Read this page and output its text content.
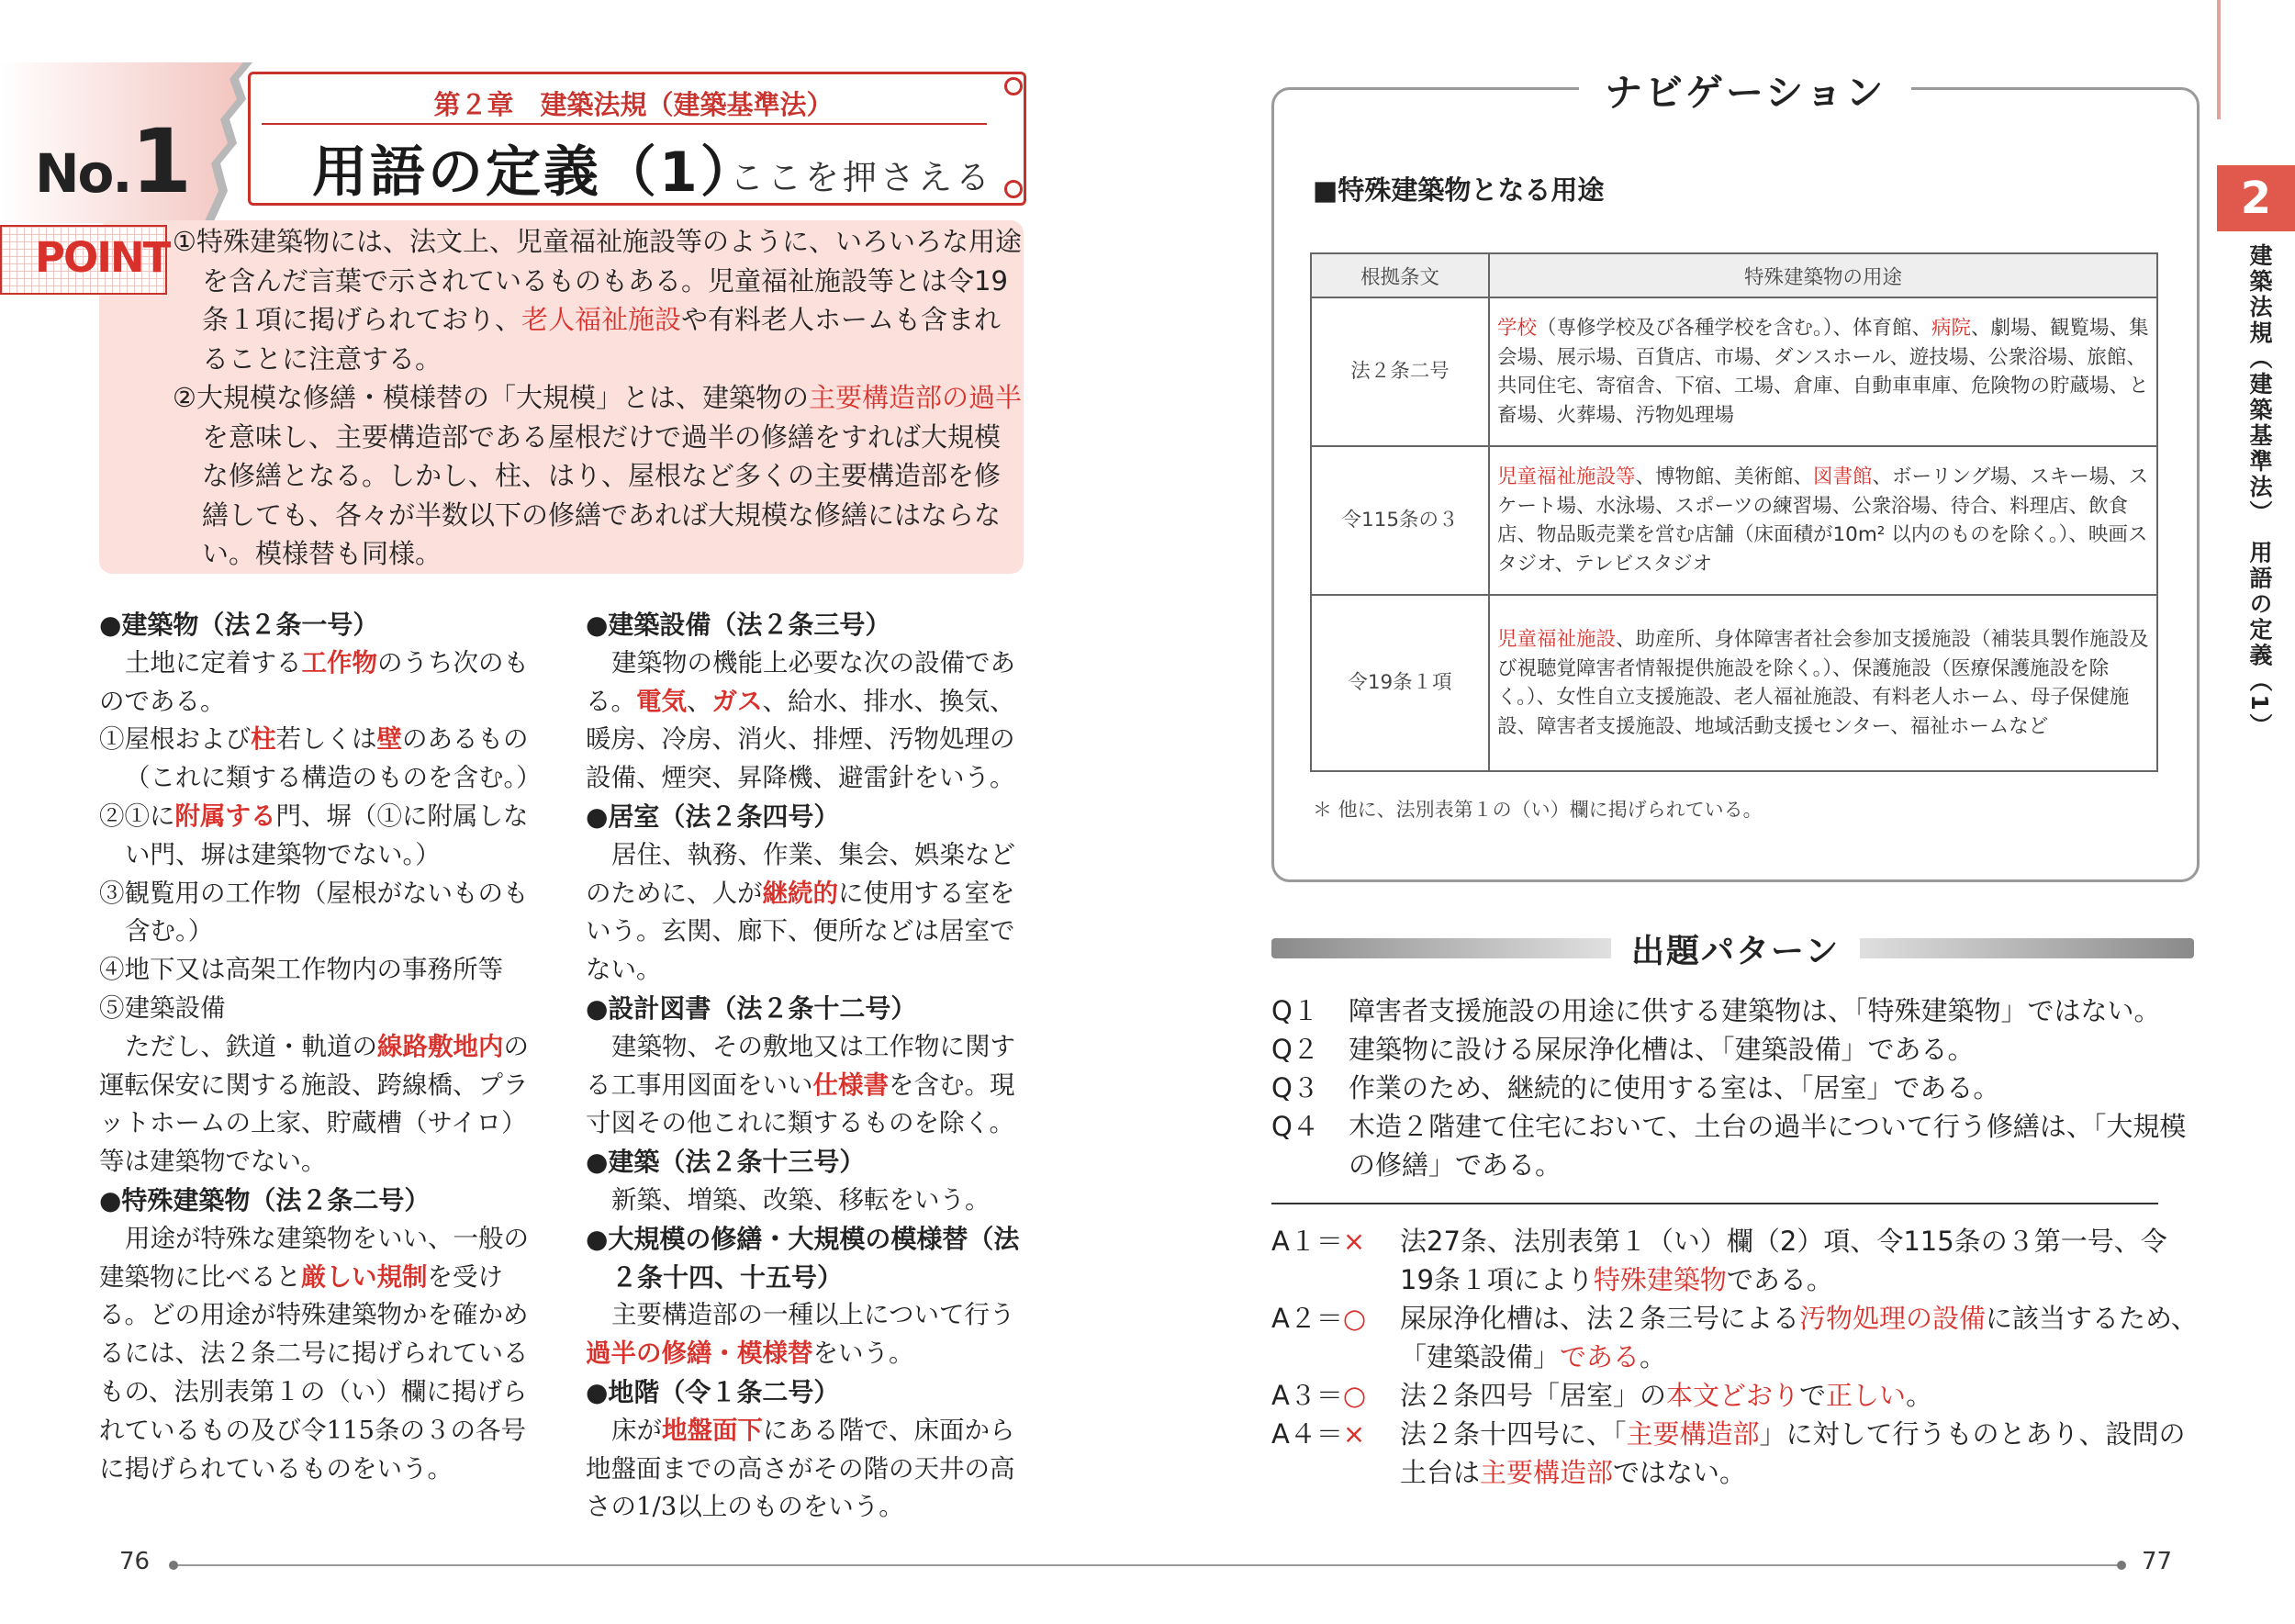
No.1
第２章　建築法規（建築基準法）
用語の定義（1）
ここを押さえる
POINT ①特殊建築物には、法文上、児童福祉施設等のように、いろいろな用途を含んだ言葉で示されているものもある。児童福祉施設等とは令19条１項に掲げられており、老人福祉施設や有料老人ホームも含まれることに注意する。

②大規模な修繕・模様替の「大規模」とは、建築物の主要構造部の過半を意味し、主要構造部である屋根だけで過半の修繕をすれば大規模な修繕となる。しかし、柱、はり、屋根など多くの主要構造部を修繕しても、各々が半数以下の修繕であれば大規模な修繕にはならない。模様替も同様。

●建築物（法２条一号）
土地に定着する工作物のうち次のものである。
①屋根および柱若しくは壁のあるもの（これに類する構造のものを含む。）
②①に附属する門、塀（①に附属しない門、塀は建築物でない。）
③観覧用の工作物（屋根がないものも含む。）
④地下又は高架工作物内の事務所等
⑤建築設備
ただし、鉄道・軌道の線路敷地内の運転保安に関する施設、跨線橋、プラットホームの上家、貯蔵槽（サイロ）等は建築物でない。
●特殊建築物（法２条二号）
用途が特殊な建築物をいい、一般の建築物に比べると厳しい規制を受ける。どの用途が特殊建築物かを確かめるには、法２条二号に掲げられているもの、法別表第１の（い）欄に掲げられているもの及び令115条の３の各号に掲げられているものをいう。
●建築設備（法２条三号）
建築物の機能上必要な次の設備である。電気、ガス、給水、排水、換気、暖房、冷房、消火、排煙、汚物処理の設備、煙突、昇降機、避雷針をいう。
●居室（法２条四号）
居住、執務、作業、集会、娯楽などのために、人が継続的に使用する室をいう。玄関、廊下、便所などは居室でない。
●設計図書（法２条十二号）
建築物、その敷地又は工作物に関する工事用図面をいい仕様書を含む。現寸図その他これに類するものを除く。
●建築（法２条十三号）
新築、増築、改築、移転をいう。
●大規模の修繕・大規模の模様替（法２条十四、十五号）
主要構造部の一種以上について行う過半の修繕・模様替をいう。
●地階（令１条二号）
床が地盤面下にある階で、床面から地盤面までの高さがその階の天井の高さの1/3以上のものをいう。
76	77
ナビゲーション
■特殊建築物となる用途
根拠条文	特殊建築物の用途
法２条二号	学校（専修学校及び各種学校を含む。）、体育館、病院、劇場、観覧場、集会場、展示場、百貨店、市場、ダンスホール、遊技場、公衆浴場、旅館、共同住宅、寄宿舎、下宿、工場、倉庫、自動車車庫、危険物の貯蔵場、と畜場、火葬場、汚物処理場
令115条の３	児童福祉施設等、博物館、美術館、図書館、ボーリング場、スキー場、スケート場、水泳場、スポーツの練習場、公衆浴場、待合、料理店、飲食店、物品販売業を営む店舗（床面積が10m² 以内のものを除く。）、映画スタジオ、テレビスタジオ
令19条１項	児童福祉施設、助産所、身体障害者社会参加支援施設（補装具製作施設及び視聴覚障害者情報提供施設を除く。）、保護施設（医療保護施設を除く。）、女性自立支援施設、老人福祉施設、有料老人ホーム、母子保健施設、障害者支援施設、地域活動支援センター、福祉ホームなど
＊ 他に、法別表第１の（い）欄に掲げられている。
出題パターン
Q１	障害者支援施設の用途に供する建築物は、「特殊建築物」ではない。
Q２	建築物に設ける屎尿浄化槽は、「建築設備」である。
Q３	作業のため、継続的に使用する室は、「居室」である。
Q４	木造２階建て住宅において、土台の過半について行う修繕は、「大規模の修繕」である。
A１＝×	法27条、法別表第１（い）欄（2）項、令115条の３第一号、令19条１項により特殊建築物である。
A２＝○	屎尿浄化槽は、法２条三号による汚物処理の設備に該当するため、「建築設備」である。
A３＝○	法２条四号「居室」の本文どおりで正しい。
A４＝×	法２条十四号に、「主要構造部」に対して行うものとあり、設問の土台は主要構造部ではない。
2
建築法規（建築基準法）　用語の定義（1）
